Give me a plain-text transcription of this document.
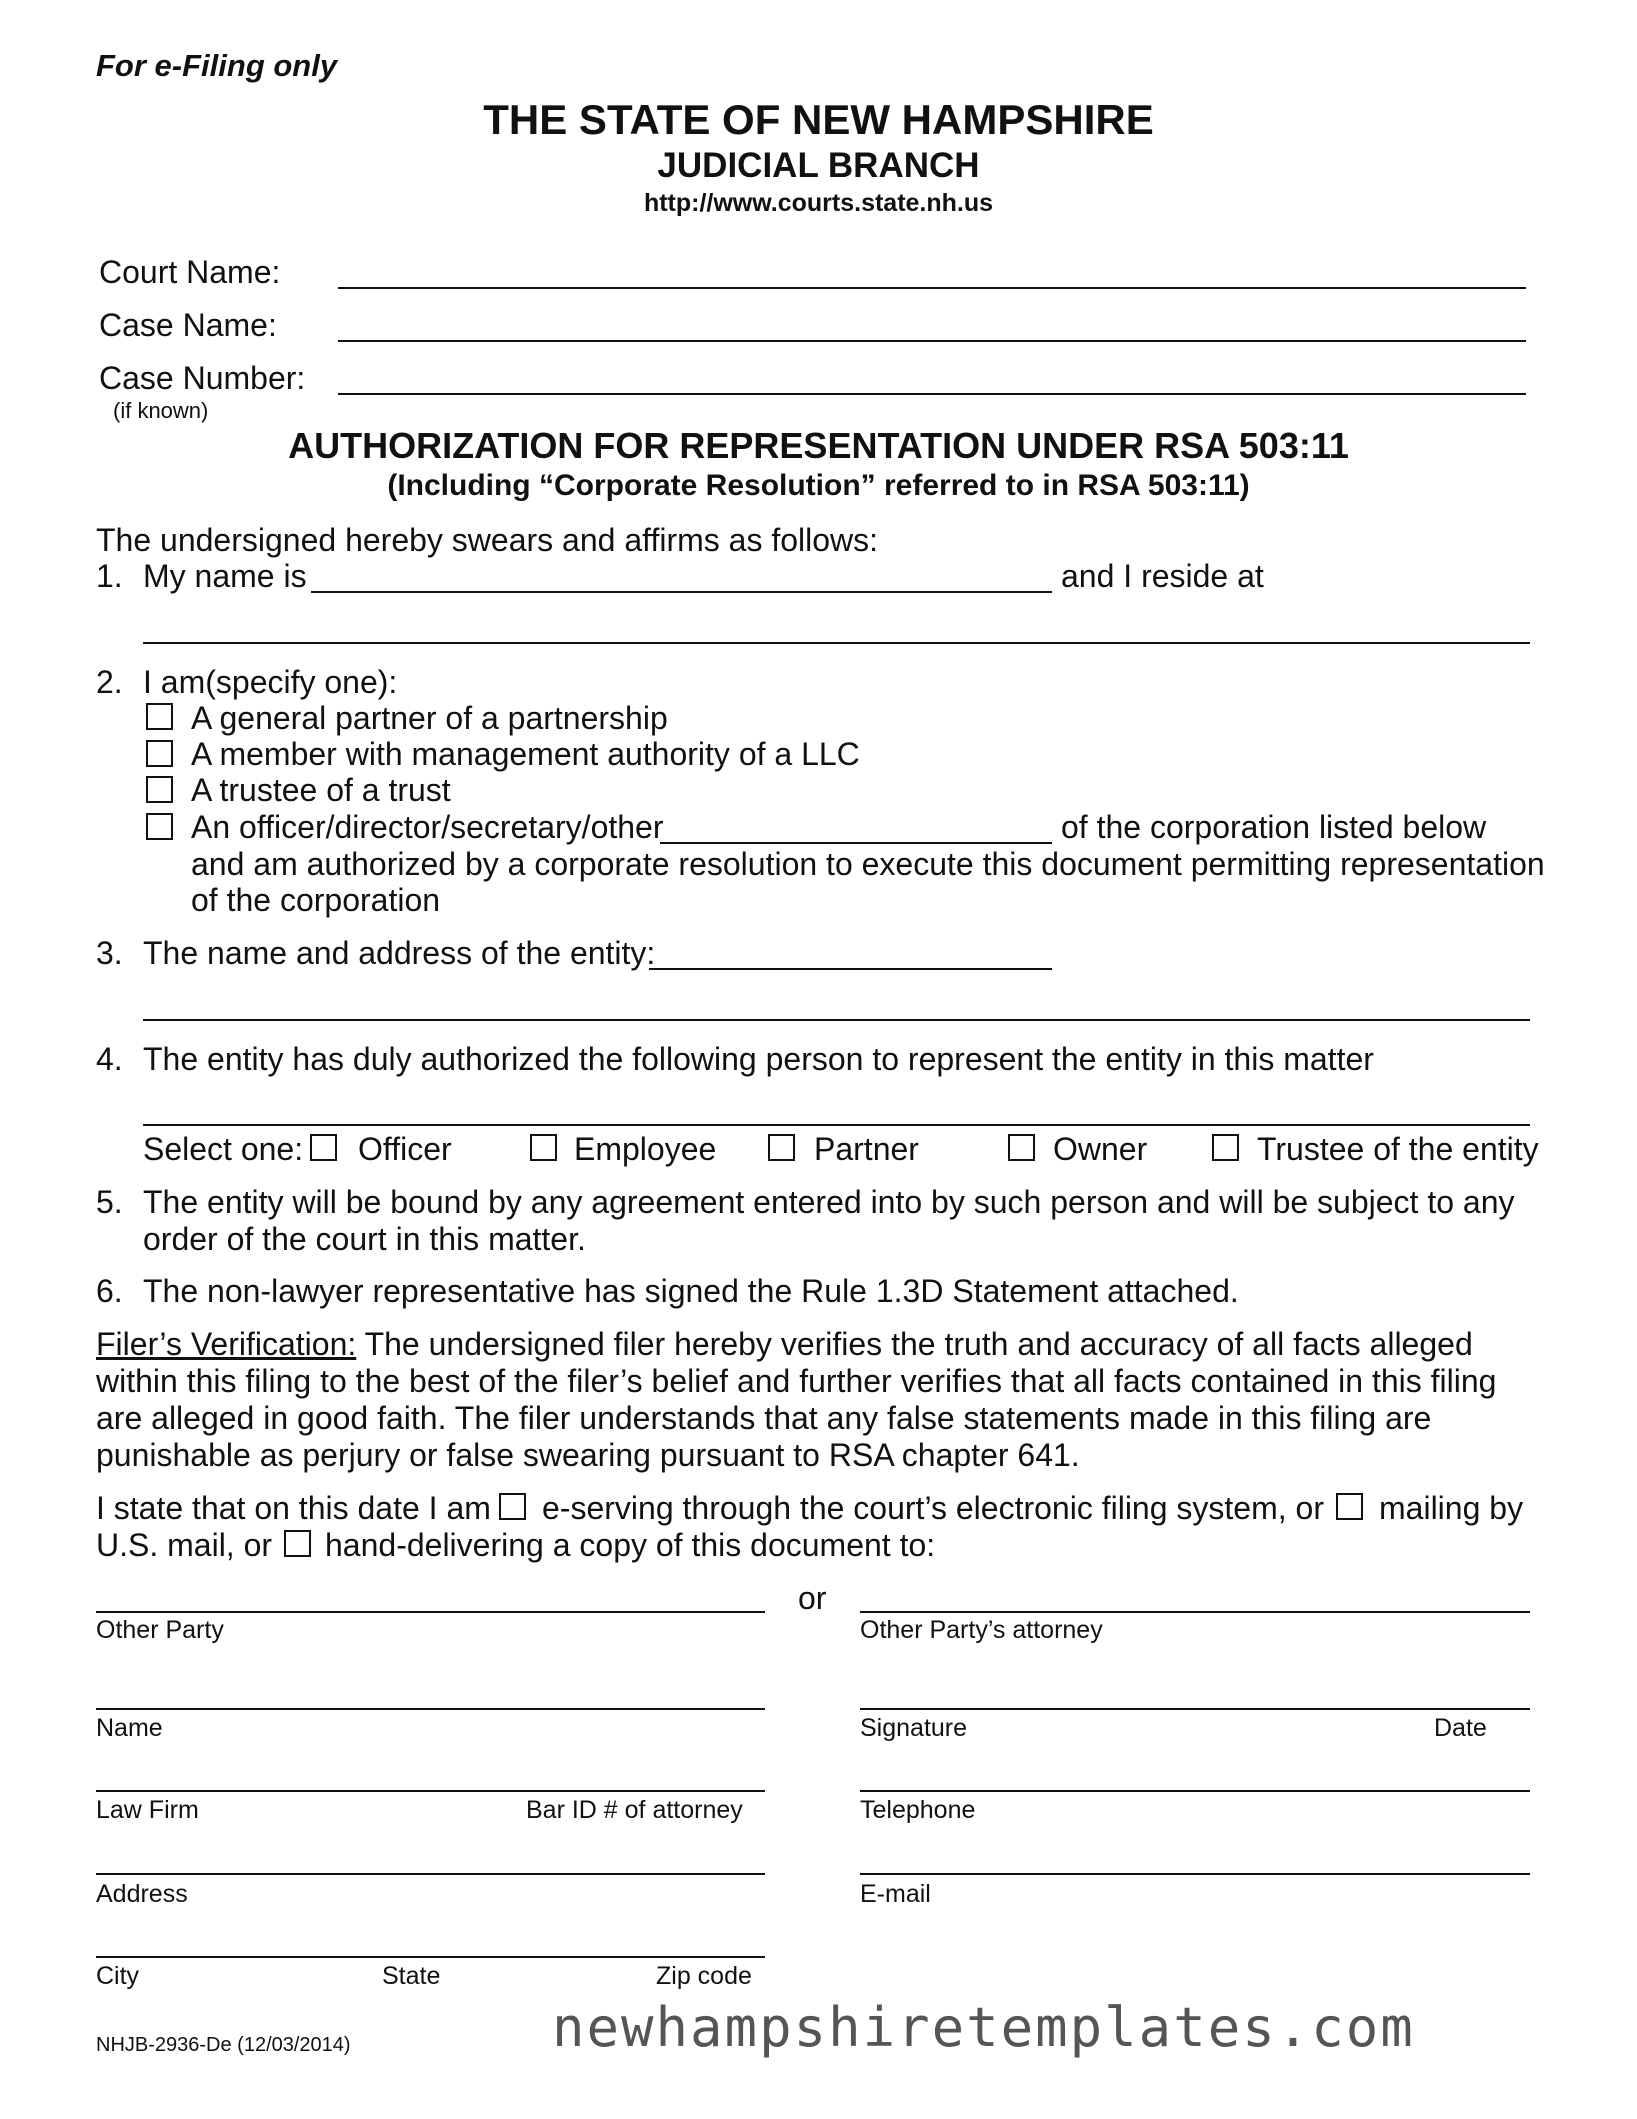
For e-Filing only
THE STATE OF NEW HAMPSHIRE
JUDICIAL BRANCH
http://www.courts.state.nh.us
Court Name:
Case Name:
Case Number:
(if known)
AUTHORIZATION FOR REPRESENTATION UNDER RSA 503:11
(Including “Corporate Resolution” referred to in RSA 503:11)
The undersigned hereby swears and affirms as follows:
1. My name is	and I reside at
2. I am(specify one):
A general partner of a partnership
A member with management authority of a LLC
A trustee of a trust
An officer/director/secretary/other	of the corporation listed below
and am authorized by a corporate resolution to execute this document permitting representation
of the corporation
3. The name and address of the entity:
4. The entity has duly authorized the following person to represent the entity in this matter
Select one: Officer	Employee	Partner	Owner	Trustee of the entity
5. The entity will be bound by any agreement entered into by such person and will be subject to any
order of the court in this matter.
6. The non-lawyer representative has signed the Rule 1.3D Statement attached.
Filer’s Verification: The undersigned filer hereby verifies the truth and accuracy of all facts alleged
within this filing to the best of the filer’s belief and further verifies that all facts contained in this filing
are alleged in good faith. The filer understands that any false statements made in this filing are
punishable as perjury or false swearing pursuant to RSA chapter 641.
I state that on this date I am e-serving through the court’s electronic filing system, or mailing by
U.S. mail, or hand-delivering a copy of this document to:
or
Other Party	Other Party’s attorney
Name	Signature	Date
Law Firm	Bar ID # of attorney	Telephone
Address	E-mail
City	State	Zip code
NHJB-2936-De (12/03/2014)	newhampshiretemplates.com
